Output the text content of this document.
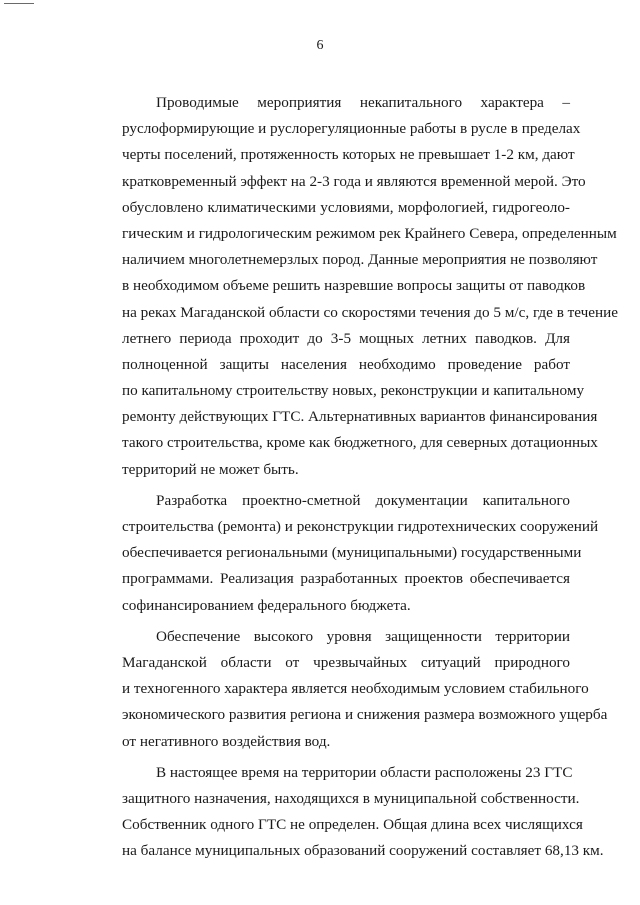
6
Проводимые мероприятия некапитального характера –
руслоформирующие и руслорегуляционные работы в русле в пределах
черты поселений, протяженность которых не превышает 1-2 км, дают
кратковременный эффект на 2-3 года и являются временной мерой. Это
обусловлено климатическими условиями, морфологией, гидрогеоло-
гическим и гидрологическим режимом рек Крайнего Севера, определенным
наличием многолетнемерзлых пород. Данные мероприятия не позволяют
в необходимом объеме решить назревшие вопросы защиты от паводков
на реках Магаданской области со скоростями течения до 5 м/с, где в течение
летнего периода проходит до 3-5 мощных летних паводков. Для
полноценной защиты населения необходимо проведение работ
по капитальному строительству новых, реконструкции и капитальному
ремонту действующих ГТС. Альтернативных вариантов финансирования
такого строительства, кроме как бюджетного, для северных дотационных
территорий не может быть.
Разработка проектно-сметной документации капитального
строительства (ремонта) и реконструкции гидротехнических сооружений
обеспечивается региональными (муниципальными) государственными
программами. Реализация разработанных проектов обеспечивается
софинансированием федерального бюджета.
Обеспечение высокого уровня защищенности территории
Магаданской области от чрезвычайных ситуаций природного
и техногенного характера является необходимым условием стабильного
экономического развития региона и снижения размера возможного ущерба
от негативного воздействия вод.
В настоящее время на территории области расположены 23 ГТС
защитного назначения, находящихся в муниципальной собственности.
Собственник одного ГТС не определен. Общая длина всех числящихся
на балансе муниципальных образований сооружений составляет 68,13 км.
